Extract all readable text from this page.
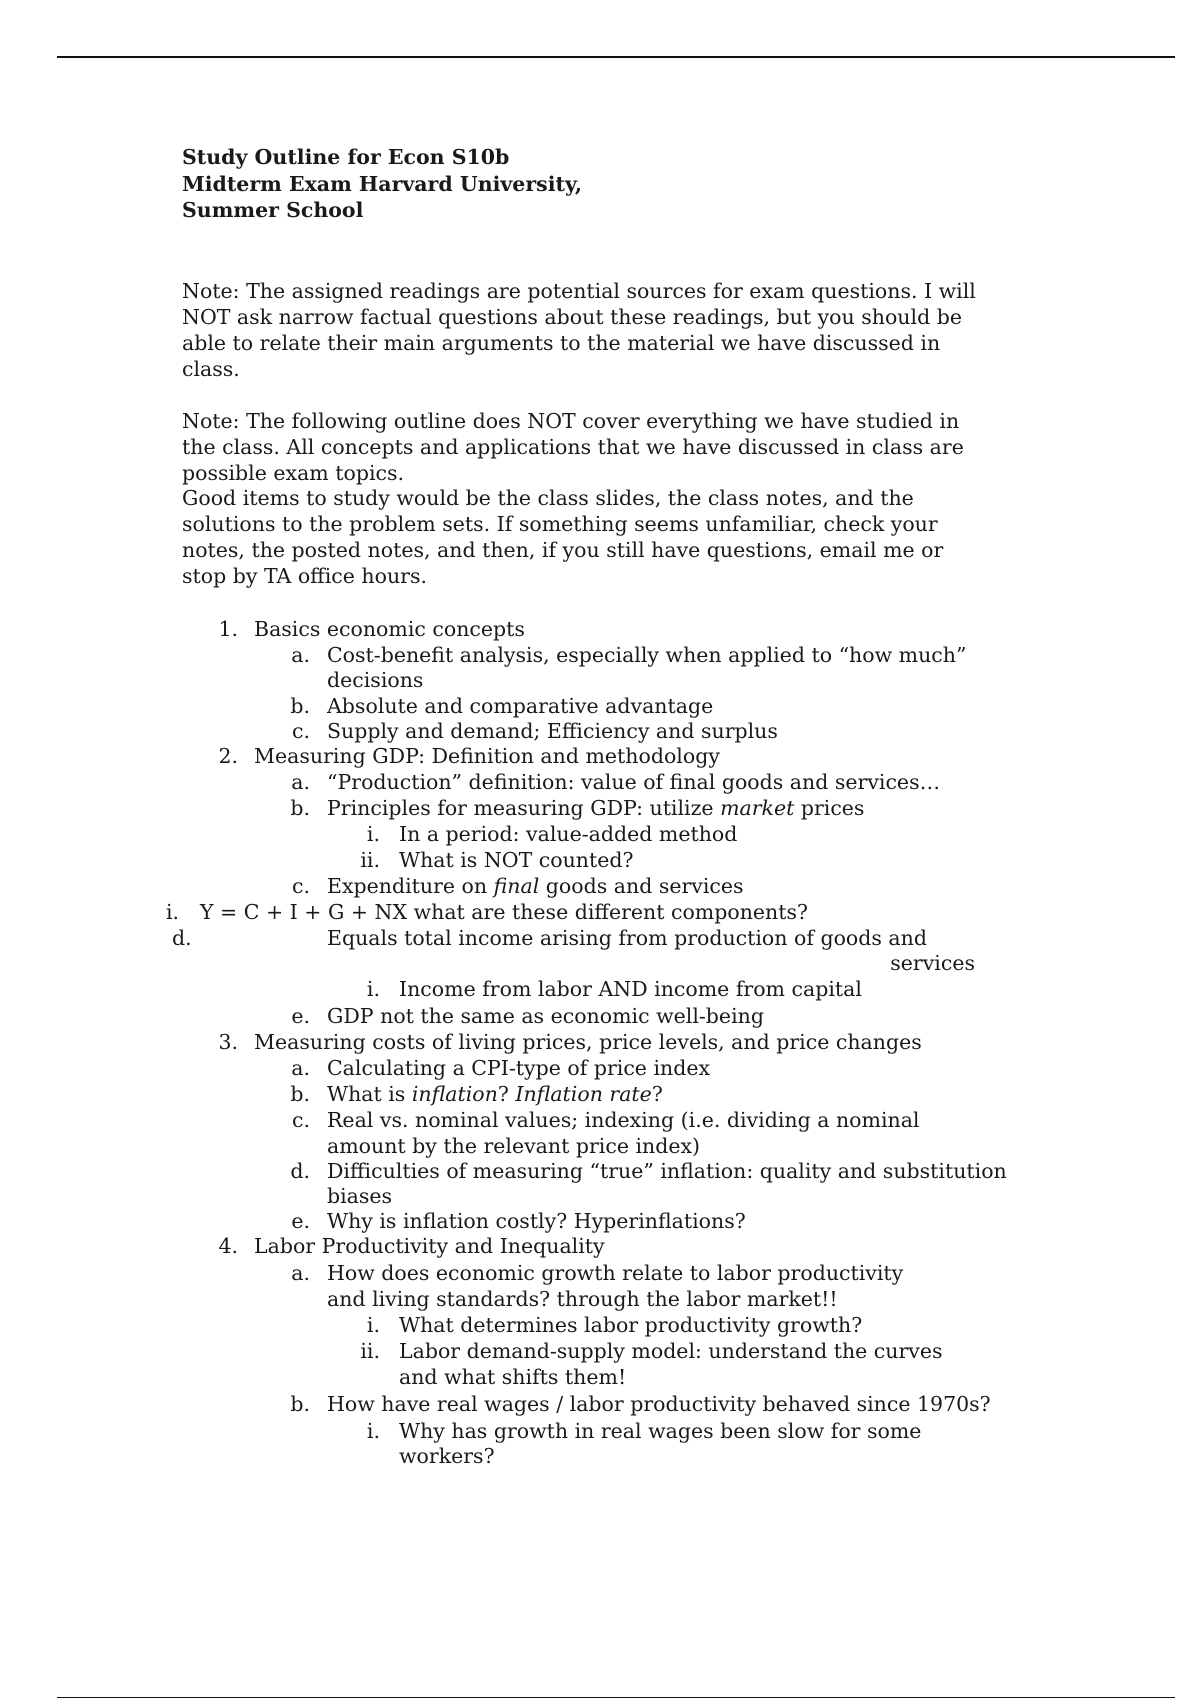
Study Outline for Econ S10b
Midterm Exam Harvard University,
Summer School
Note: The assigned readings are potential sources for exam questions. I will
NOT ask narrow factual questions about these readings, but you should be
able to relate their main arguments to the material we have discussed in
class.
Note: The following outline does NOT cover everything we have studied in
the class. All concepts and applications that we have discussed in class are
possible exam topics.
Good items to study would be the class slides, the class notes, and the
solutions to the problem sets. If something seems unfamiliar, check your
notes, the posted notes, and then, if you still have questions, email me or
stop by TA office hours.
1. Basics economic concepts
a. Cost-benefit analysis, especially when applied to “how much”
decisions
b. Absolute and comparative advantage
c. Supply and demand; Efficiency and surplus
2. Measuring GDP: Definition and methodology
a. “Production” definition: value of final goods and services…
b. Principles for measuring GDP: utilize market prices
i. In a period: value-added method
ii. What is NOT counted?
c. Expenditure on final goods and services
i. Y = C + I + G + NX what are these different components?
d.	Equals total income arising from production of goods and
services
i. Income from labor AND income from capital
e. GDP not the same as economic well-being
3. Measuring costs of living prices, price levels, and price changes
a. Calculating a CPI-type of price index
b. What is inflation? Inflation rate?
c. Real vs. nominal values; indexing (i.e. dividing a nominal
amount by the relevant price index)
d. Difficulties of measuring “true” inflation: quality and substitution
biases
e. Why is inflation costly? Hyperinflations?
4. Labor Productivity and Inequality
a. How does economic growth relate to labor productivity
and living standards? through the labor market!!
i. What determines labor productivity growth?
ii. Labor demand-supply model: understand the curves
and what shifts them!
b. How have real wages / labor productivity behaved since 1970s?
i. Why has growth in real wages been slow for some
workers?
